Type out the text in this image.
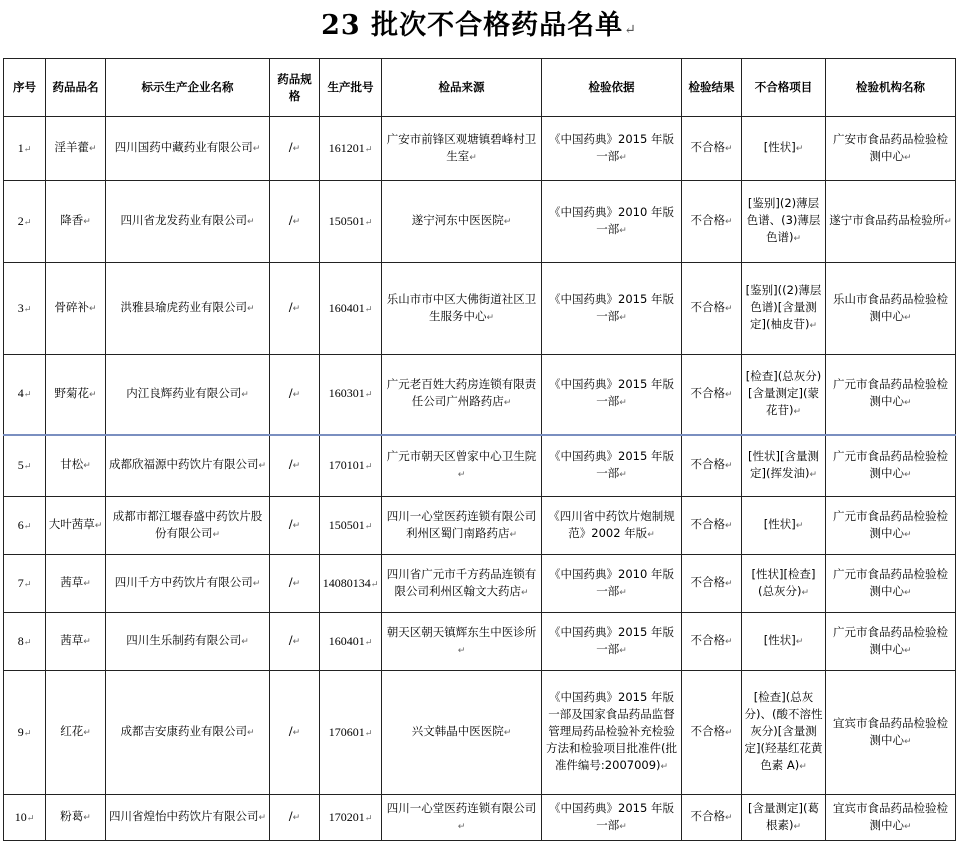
23 批次不合格药品名单↵
序号	药品品名	标示生产企业名称	药品规格	生产批号	检品来源	检验依据	检验结果	不合格项目	检验机构名称
1↵	淫羊藿↵	四川国药中藏药业有限公司↵	/↵	161201↵	广安市前锋区观塘镇碧峰村卫生室↵	《中国药典》2015 年版一部↵	不合格↵	[性状]↵	广安市食品药品检验检测中心↵
2↵	降香↵	四川省龙发药业有限公司↵	/↵	150501↵	遂宁河东中医医院↵	《中国药典》2010 年版一部↵	不合格↵	[鉴别](2)薄层色谱、(3)薄层色谱)↵	遂宁市食品药品检验所↵
3↵	骨碎补↵	洪雅县瑜虎药业有限公司↵	/↵	160401↵	乐山市市中区大佛街道社区卫生服务中心↵	《中国药典》2015 年版一部↵	不合格↵	[鉴别]((2)薄层色谱)[含量测定](柚皮苷)↵	乐山市食品药品检验检测中心↵
4↵	野菊花↵	内江良辉药业有限公司↵	/↵	160301↵	广元老百姓大药房连锁有限责任公司广州路药店↵	《中国药典》2015 年版一部↵	不合格↵	[检查](总灰分)[含量测定](蒙花苷)↵	广元市食品药品检验检测中心↵
5↵	甘松↵	成都欣福源中药饮片有限公司↵	/↵	170101↵	广元市朝天区曾家中心卫生院↵	《中国药典》2015 年版一部↵	不合格↵	[性状][含量测定](挥发油)↵	广元市食品药品检验检测中心↵
6↵	大叶茜草↵	成都市都江堰春盛中药饮片股份有限公司↵	/↵	150501↵	四川一心堂医药连锁有限公司利州区蜀门南路药店↵	《四川省中药饮片炮制规范》2002 年版↵	不合格↵	[性状]↵	广元市食品药品检验检测中心↵
7↵	茜草↵	四川千方中药饮片有限公司↵	/↵	14080134↵	四川省广元市千方药品连锁有限公司利州区翰文大药店↵	《中国药典》2010 年版一部↵	不合格↵	[性状][检查](总灰分)↵	广元市食品药品检验检测中心↵
8↵	茜草↵	四川生乐制药有限公司↵	/↵	160401↵	朝天区朝天镇辉东生中医诊所↵	《中国药典》2015 年版一部↵	不合格↵	[性状]↵	广元市食品药品检验检测中心↵
9↵	红花↵	成都吉安康药业有限公司↵	/↵	170601↵	兴文韩晶中医医院↵	《中国药典》2015 年版一部及国家食品药品监督管理局药品检验补充检验方法和检验项目批准件(批准件编号:2007009)↵	不合格↵	[检查](总灰分)、(酸不溶性灰分)[含量测定](羟基红花黄色素 A)↵	宜宾市食品药品检验检测中心↵
10↵	粉葛↵	四川省煌怡中药饮片有限公司↵	/↵	170201↵	四川一心堂医药连锁有限公司↵	《中国药典》2015 年版一部↵	不合格↵	[含量测定](葛根素)↵	宜宾市食品药品检验检测中心↵
